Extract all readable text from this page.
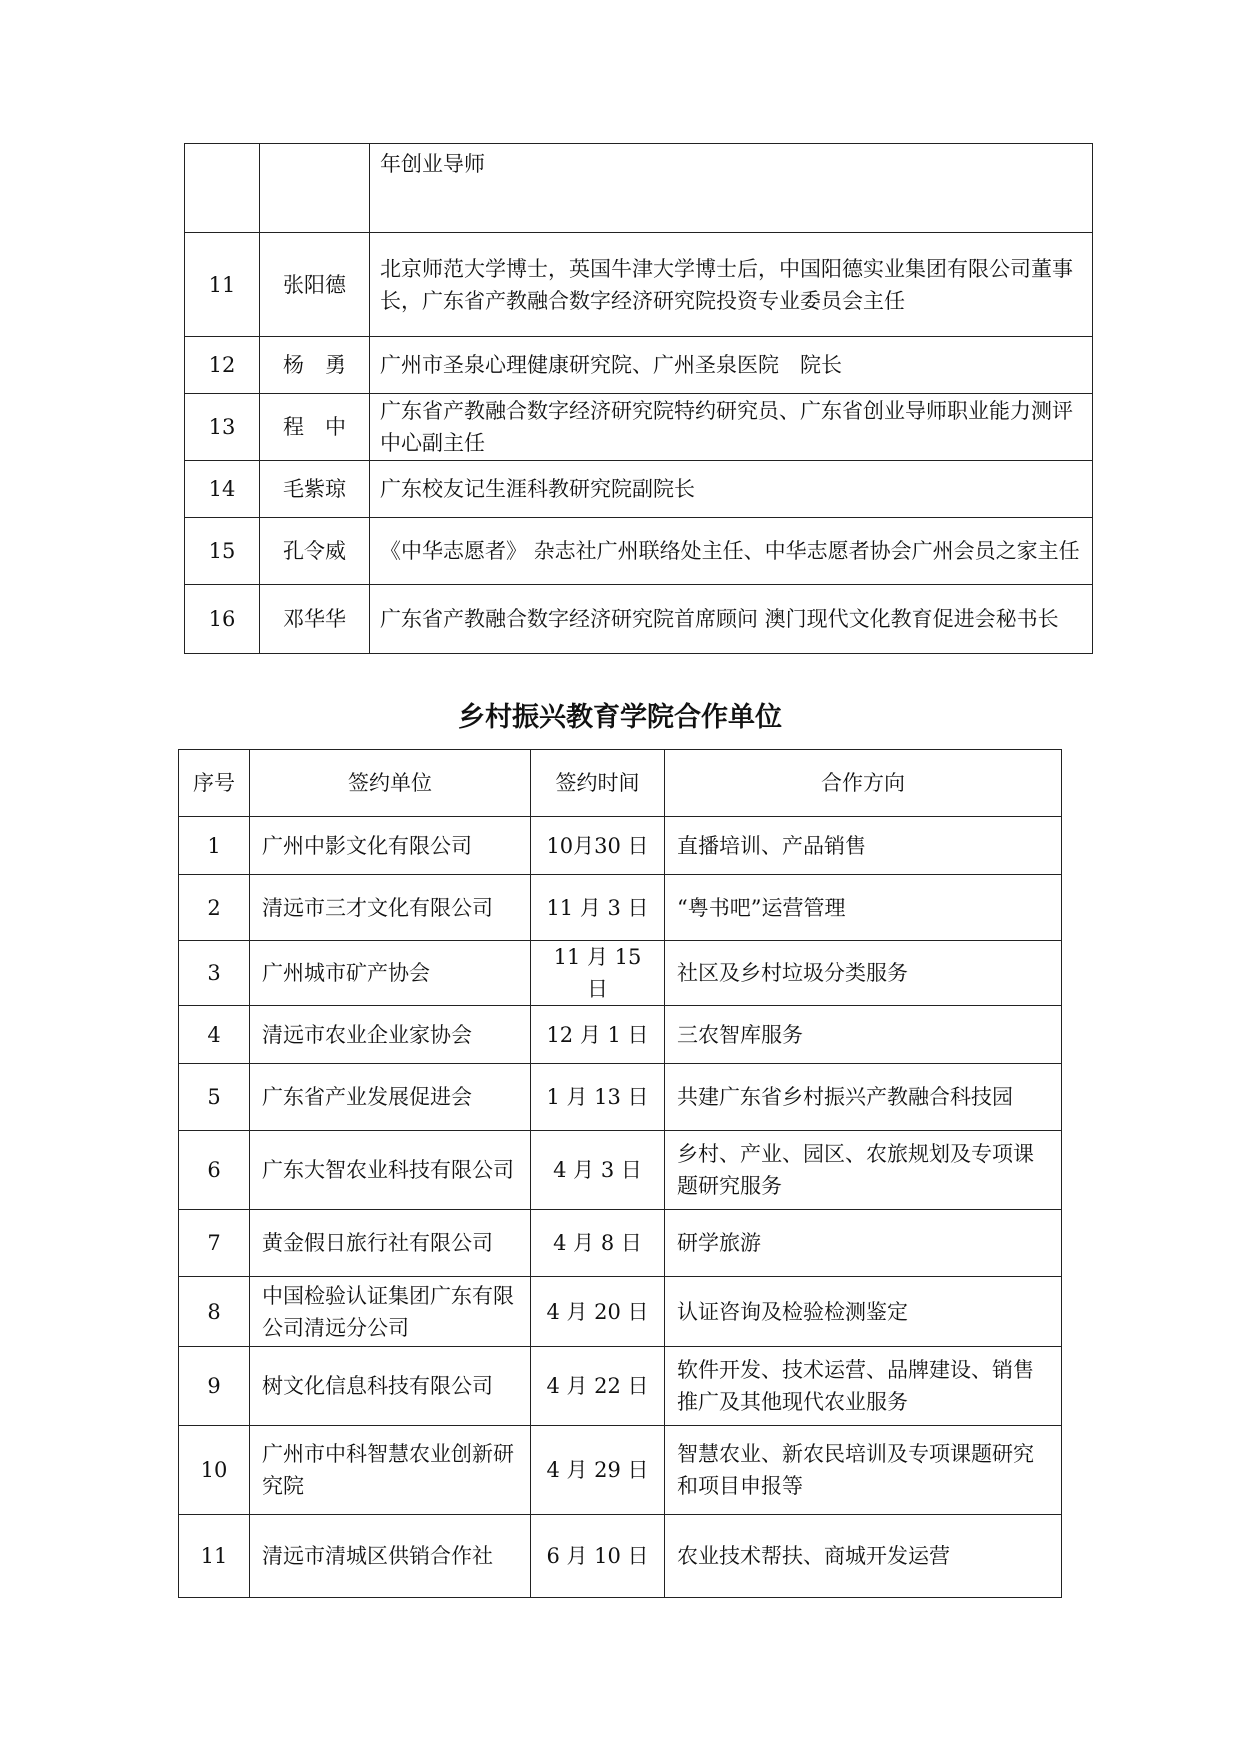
		年创业导师
11	张阳德	北京师范大学博士，英国牛津大学博士后，中国阳德实业集团有限公司董事长，广东省产教融合数字经济研究院投资专业委员会主任
12	杨　勇	广州市圣泉心理健康研究院、广州圣泉医院　院长
13	程　中	广东省产教融合数字经济研究院特约研究员、广东省创业导师职业能力测评中心副主任
14	毛紫琼	广东校友记生涯科教研究院副院长
15	孔令威	《中华志愿者》 杂志社广州联络处主任、中华志愿者协会广州会员之家主任
16	邓华华	广东省产教融合数字经济研究院首席顾问 澳门现代文化教育促进会秘书长
乡村振兴教育学院合作单位
序号	签约单位	签约时间	合作方向
1	广州中影文化有限公司	10月30 日	直播培训、产品销售
2	清远市三才文化有限公司	11 月 3 日	“粤书吧”运营管理
3	广州城市矿产协会	11 月 15 日	社区及乡村垃圾分类服务
4	清远市农业企业家协会	12 月 1 日	三农智库服务
5	广东省产业发展促进会	1 月 13 日	共建广东省乡村振兴产教融合科技园
6	广东大智农业科技有限公司	4 月 3 日	乡村、产业、园区、农旅规划及专项课题研究服务
7	黄金假日旅行社有限公司	4 月 8 日	研学旅游
8	中国检验认证集团广东有限公司清远分公司	4 月 20 日	认证咨询及检验检测鉴定
9	树文化信息科技有限公司	4 月 22 日	软件开发、技术运营、品牌建设、销售推广及其他现代农业服务
10	广州市中科智慧农业创新研究院	4 月 29 日	智慧农业、新农民培训及专项课题研究和项目申报等
11	清远市清城区供销合作社	6 月 10 日	农业技术帮扶、商城开发运营
